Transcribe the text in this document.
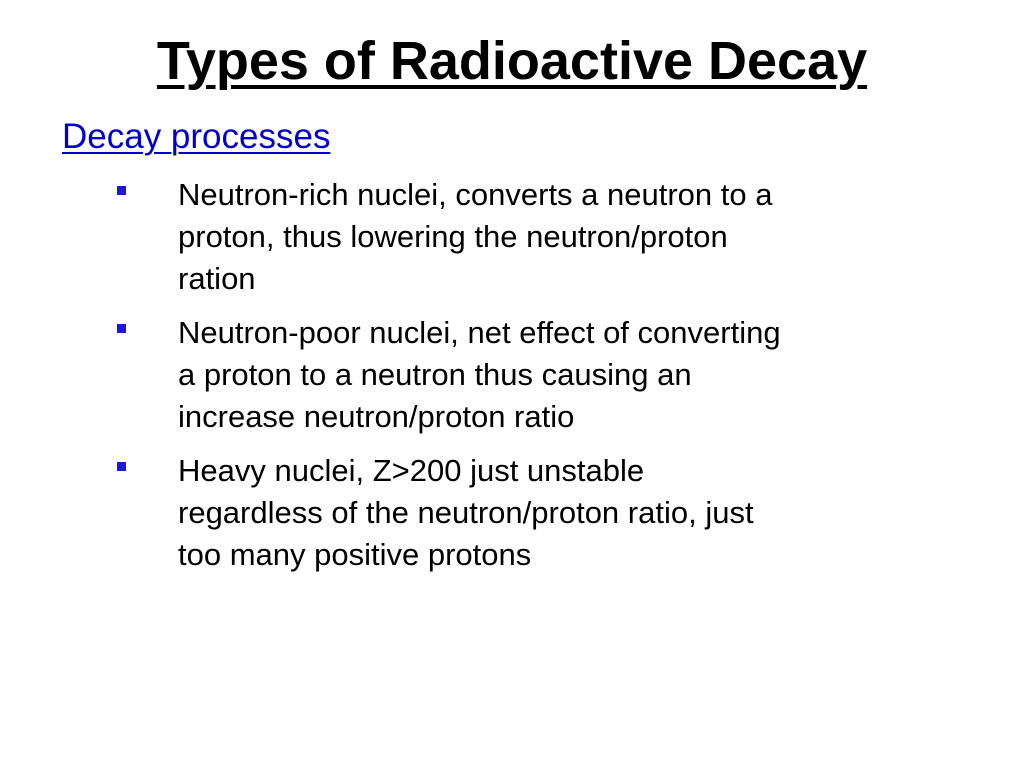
Types of Radioactive Decay
Decay processes
Neutron-rich nuclei, converts a neutron to a
proton, thus lowering the neutron/proton
ration
Neutron-poor nuclei, net effect of converting
a proton to a neutron thus causing an
increase neutron/proton ratio
Heavy nuclei, Z>200 just unstable
regardless of the neutron/proton ratio, just
too many positive protons
